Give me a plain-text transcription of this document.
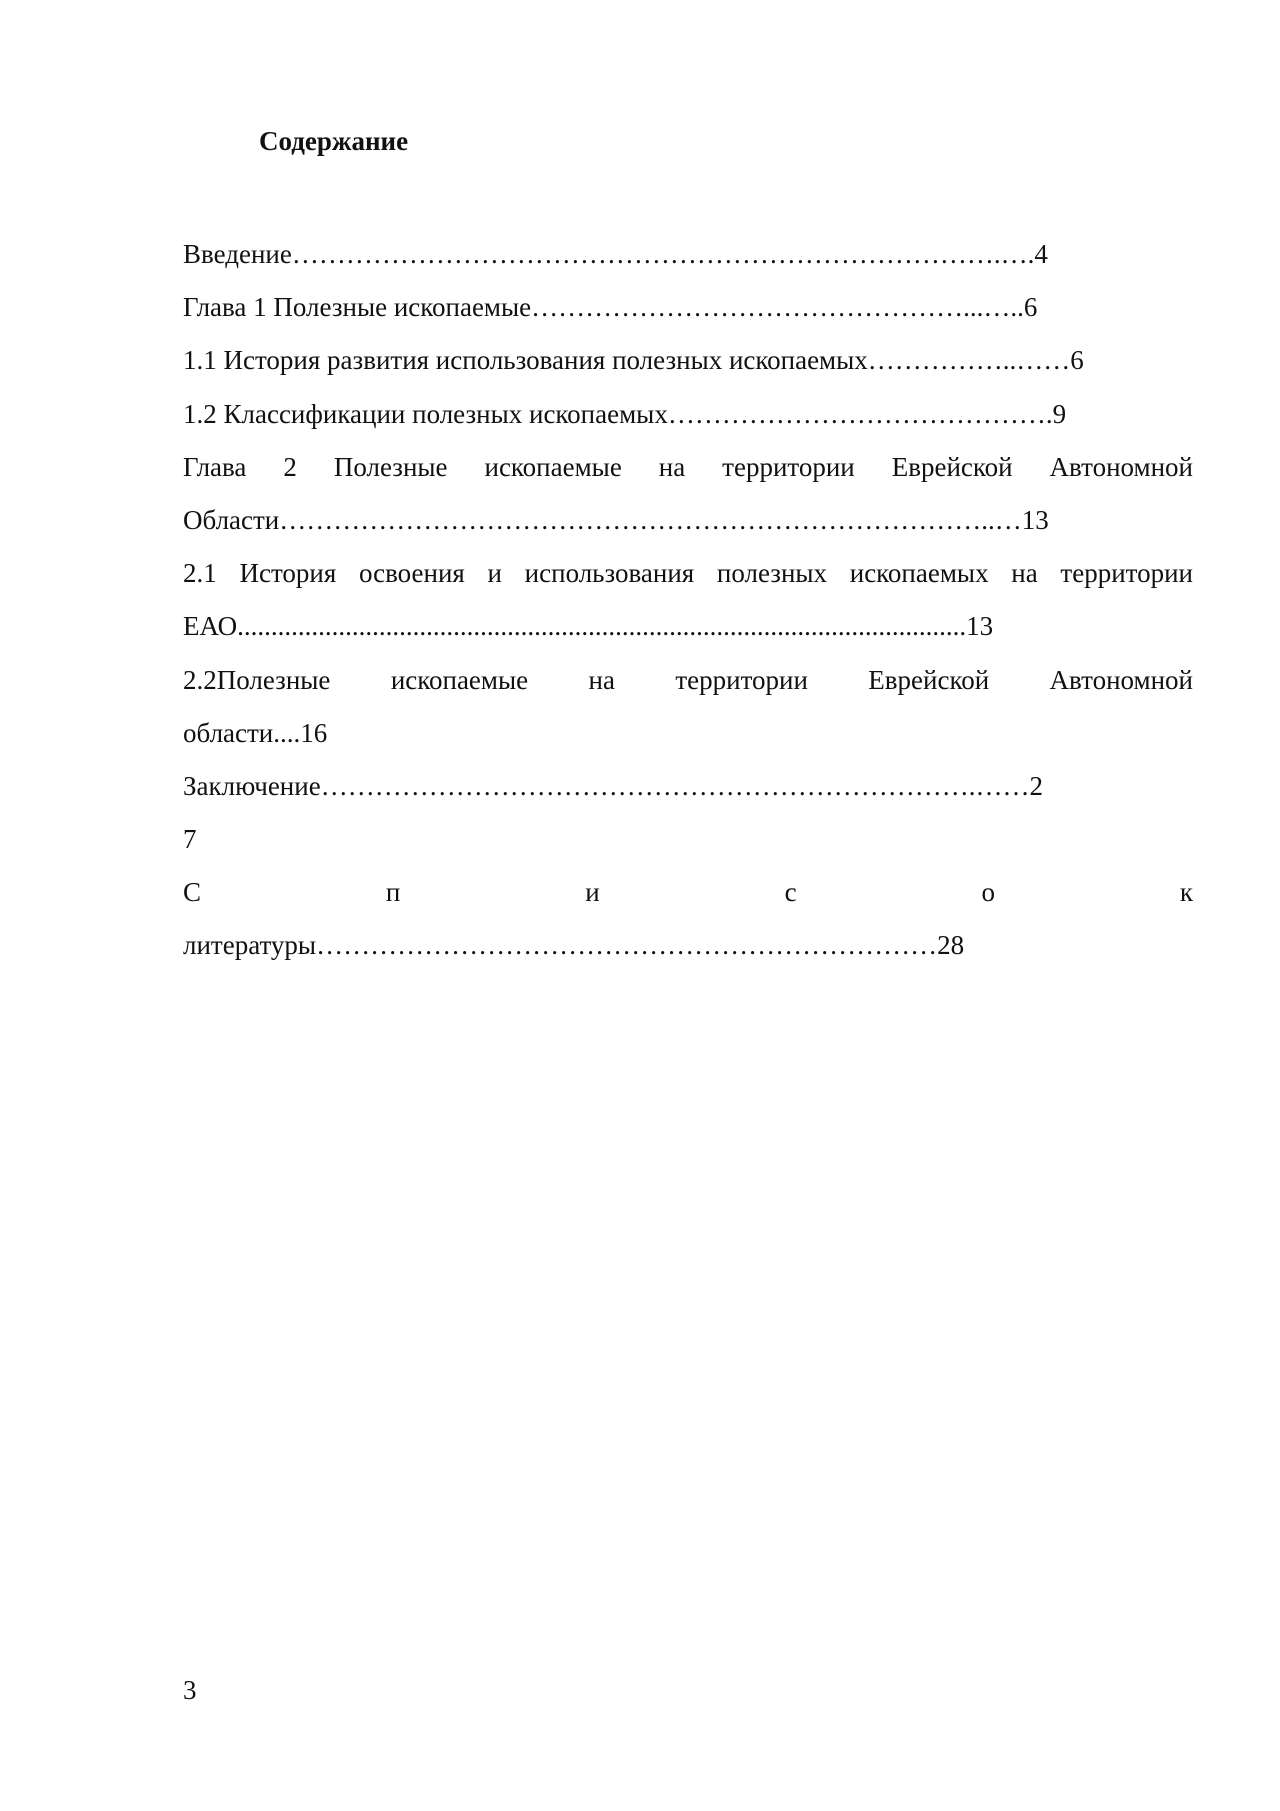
Содержание
Введение…………………………………………………………………….….4
Глава 1 Полезные ископаемые…………………………………………...…..6
1.1 История развития использования полезных ископаемых……………..……6
1.2 Классификации полезных ископаемых…………………………………….9
Глава 2 Полезные ископаемые на территории Еврейской Автономной
Области……………………………………………………………………..…13
2.1 История освоения и использования полезных ископаемых на территории
ЕАО............................................................................................................13
2.2Полезные ископаемые на территории Еврейской Автономной
области....16
Заключение……………………………………………………………….……2
7
С	п	и	с	о	к
литературы……………………………………………………………28
3
